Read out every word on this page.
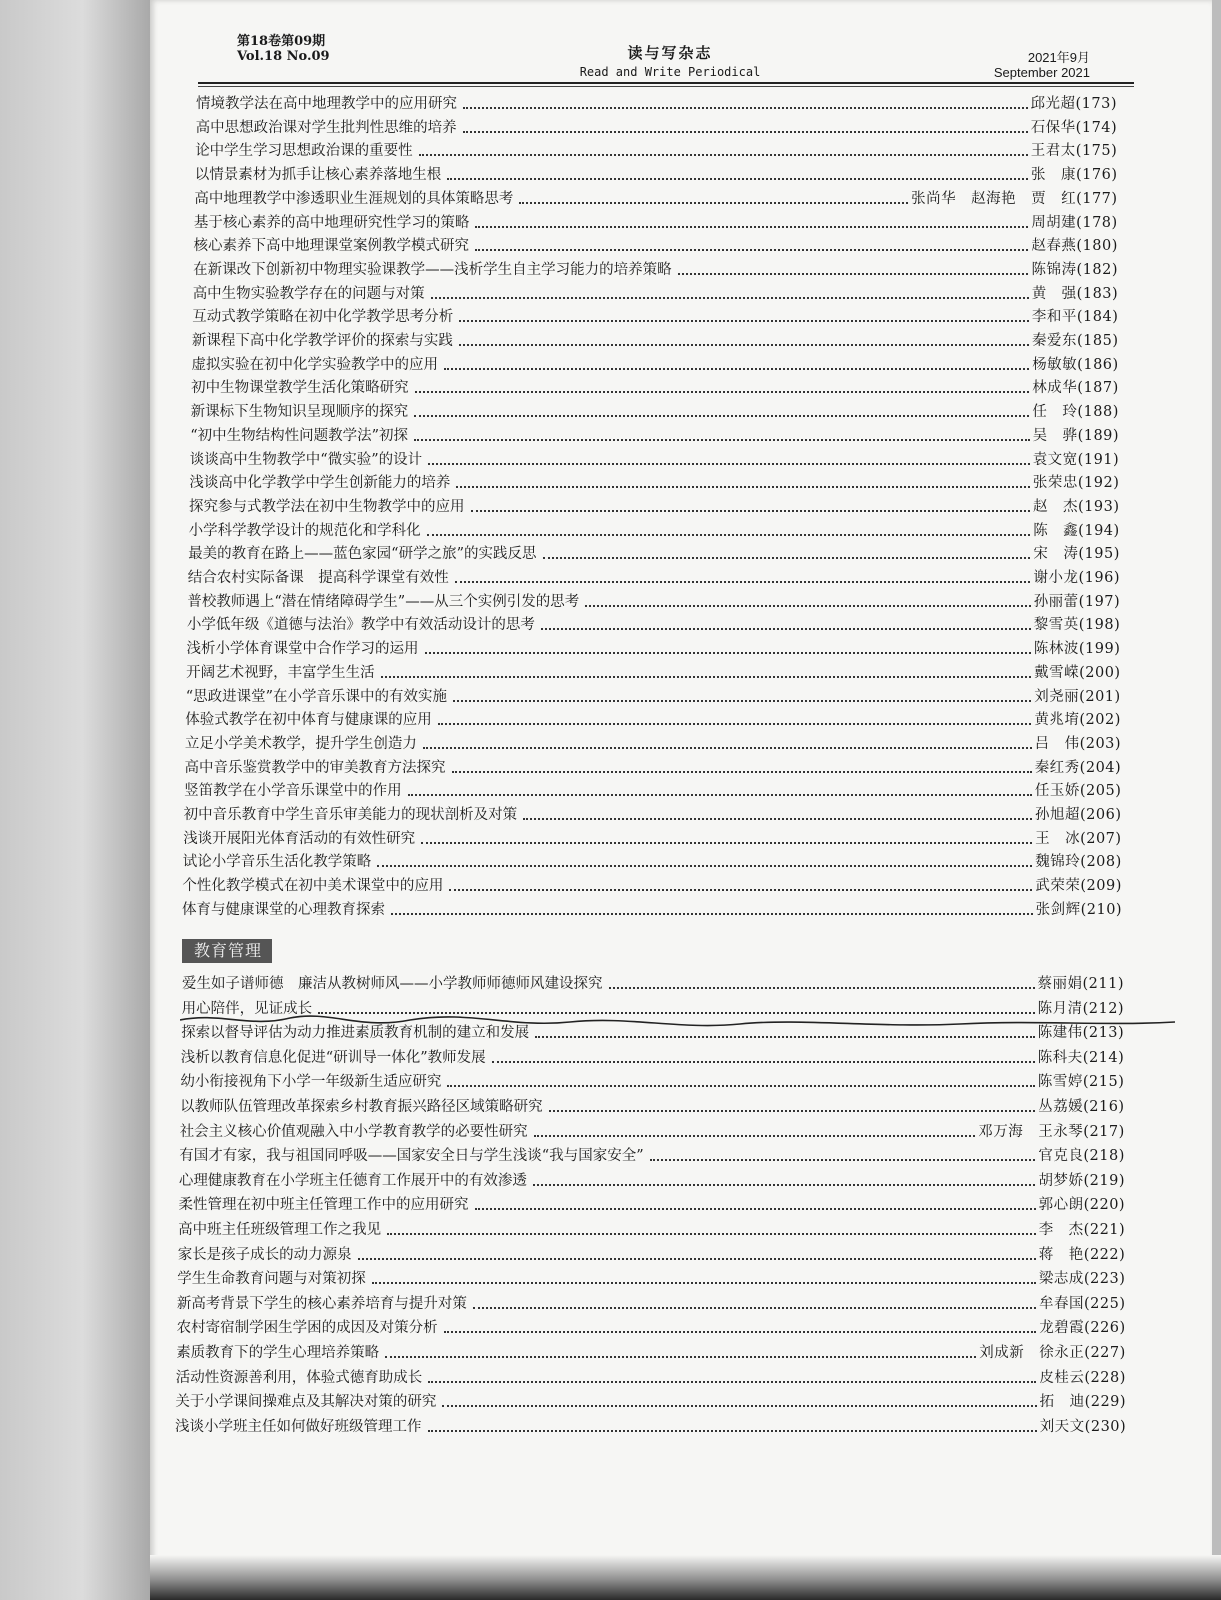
第18卷第09期
Vol.18 No.09	读与写杂志
Read and Write Periodical
2021年9月
September 2021
情境教学法在高中地理教学中的应用研究	邱光超(173)
高中思想政治课对学生批判性思维的培养	石保华(174)
论中学生学习思想政治课的重要性	王君太(175)
以情景素材为抓手让核心素养落地生根	张　康(176)
高中地理教学中渗透职业生涯规划的具体策略思考	张尚华　赵海艳　贾　红(177)
基于核心素养的高中地理研究性学习的策略	周胡建(178)
核心素养下高中地理课堂案例教学模式研究	赵春燕(180)
在新课改下创新初中物理实验课教学——浅析学生自主学习能力的培养策略	陈锦涛(182)
高中生物实验教学存在的问题与对策	黄　强(183)
互动式教学策略在初中化学教学思考分析	李和平(184)
新课程下高中化学教学评价的探索与实践	秦爱东(185)
虚拟实验在初中化学实验教学中的应用	杨敏敏(186)
初中生物课堂教学生活化策略研究	林成华(187)
新课标下生物知识呈现顺序的探究	任　玲(188)
“初中生物结构性问题教学法”初探	吴　骅(189)
谈谈高中生物教学中“微实验”的设计	袁文宽(191)
浅谈高中化学教学中学生创新能力的培养	张荣忠(192)
探究参与式教学法在初中生物教学中的应用	赵　杰(193)
小学科学教学设计的规范化和学科化	陈　鑫(194)
最美的教育在路上——蓝色家园“研学之旅”的实践反思	宋　涛(195)
结合农村实际备课　提高科学课堂有效性	谢小龙(196)
普校教师遇上“潜在情绪障碍学生”——从三个实例引发的思考	孙丽蕾(197)
小学低年级《道德与法治》教学中有效活动设计的思考	黎雪英(198)
浅析小学体育课堂中合作学习的运用	陈林波(199)
开阔艺术视野，丰富学生生活	戴雪嵘(200)
“思政进课堂”在小学音乐课中的有效实施	刘尧丽(201)
体验式教学在初中体育与健康课的应用	黄兆堉(202)
立足小学美术教学，提升学生创造力	吕　伟(203)
高中音乐鉴赏教学中的审美教育方法探究	秦红秀(204)
竖笛教学在小学音乐课堂中的作用	任玉娇(205)
初中音乐教育中学生音乐审美能力的现状剖析及对策	孙旭超(206)
浅谈开展阳光体育活动的有效性研究	王　冰(207)
试论小学音乐生活化教学策略	魏锦玲(208)
个性化教学模式在初中美术课堂中的应用	武荣荣(209)
体育与健康课堂的心理教育探索	张剑辉(210)
教育管理
爱生如子谱师德　廉洁从教树师风——小学教师师德师风建设探究	蔡丽娟(211)
用心陪伴，见证成长	陈月清(212)
探索以督导评估为动力推进素质教育机制的建立和发展	陈建伟(213)
浅析以教育信息化促进“研训导一体化”教师发展	陈科夫(214)
幼小衔接视角下小学一年级新生适应研究	陈雪婷(215)
以教师队伍管理改革探索乡村教育振兴路径区域策略研究	丛荔媛(216)
社会主义核心价值观融入中小学教育教学的必要性研究	邓万海　王永琴(217)
有国才有家，我与祖国同呼吸——国家安全日与学生浅谈“我与国家安全”	官克良(218)
心理健康教育在小学班主任德育工作展开中的有效渗透	胡梦娇(219)
柔性管理在初中班主任管理工作中的应用研究	郭心朗(220)
高中班主任班级管理工作之我见	李　杰(221)
家长是孩子成长的动力源泉	蒋　艳(222)
学生生命教育问题与对策初探	梁志成(223)
新高考背景下学生的核心素养培育与提升对策	牟春国(225)
农村寄宿制学困生学困的成因及对策分析	龙碧霞(226)
素质教育下的学生心理培养策略	刘成新　徐永正(227)
活动性资源善利用，体验式德育助成长	皮桂云(228)
关于小学课间操难点及其解决对策的研究	拓　迪(229)
浅谈小学班主任如何做好班级管理工作	刘天文(230)
